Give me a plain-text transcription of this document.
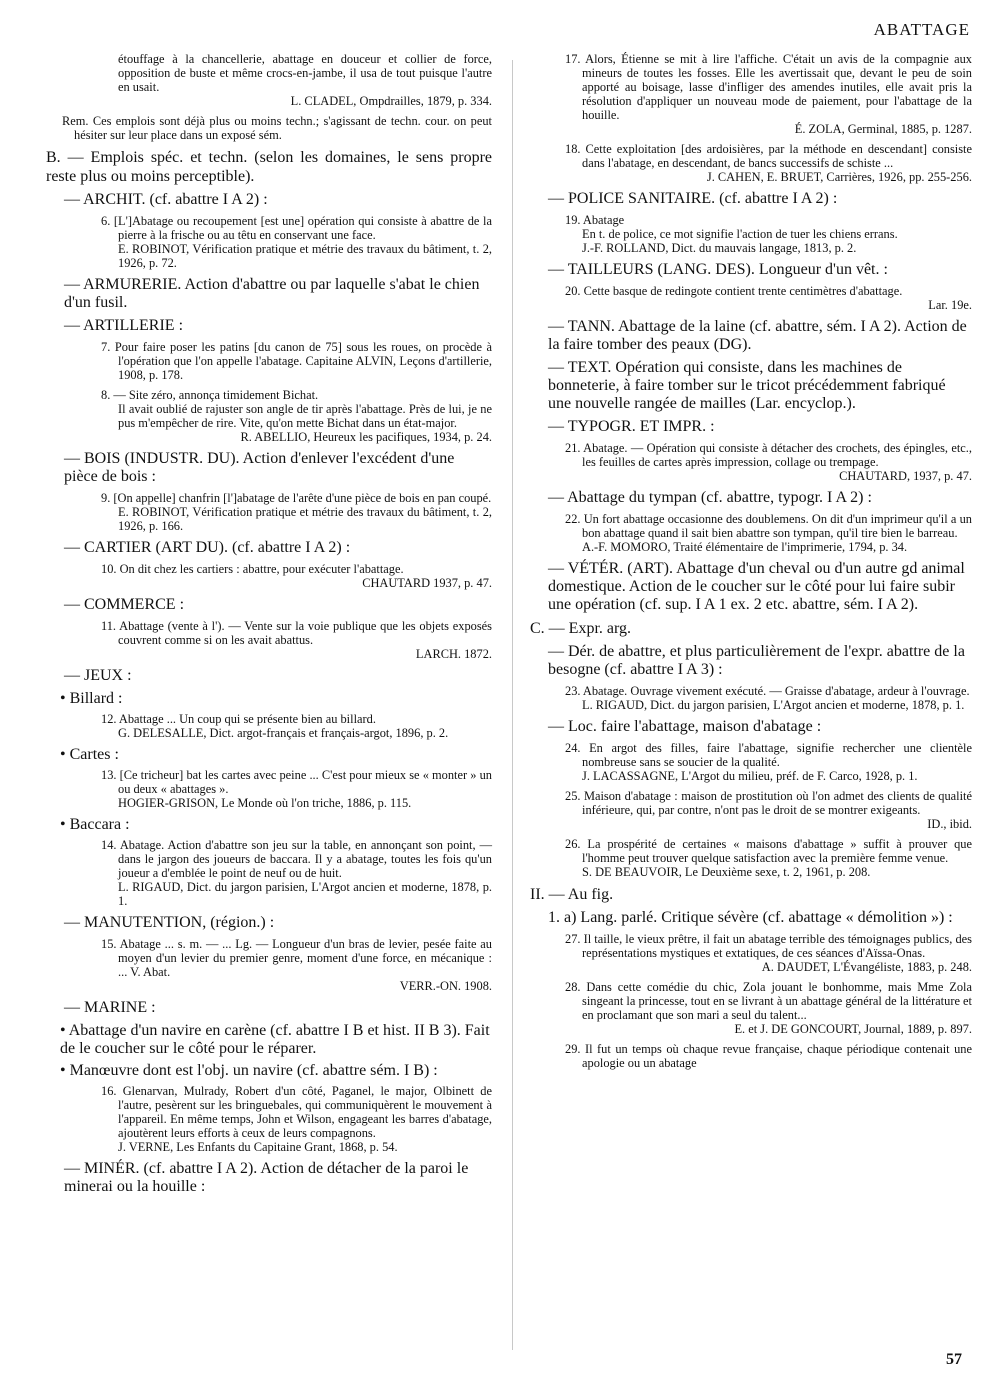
ABATTAGE

étouffage à la chancellerie, abattage en douceur et collier de force, opposition de buste et même crocs-en-jambe, il usa de tout puisque l'autre en usait.
L. CLADEL, Ompdrailles, 1879, p. 334.

Rem. Ces emplois sont déjà plus ou moins techn.; s'agissant de techn. cour. on peut hésiter sur leur place dans un exposé sém.

B. — Emplois spéc. et techn. (selon les domaines, le sens propre reste plus ou moins perceptible).

— ARCHIT. (cf. abattre I A 2) :

6. [L']Abatage ou recoupement [est une] opération qui consiste à abattre de la pierre à la frische ou au têtu en conservant une face.
E. ROBINOT, Vérification pratique et métrie des travaux du bâtiment, t. 2, 1926, p. 72.

— ARMURERIE. Action d'abattre ou par laquelle s'abat le chien d'un fusil.

— ARTILLERIE :

7. Pour faire poser les patins [du canon de 75] sous les roues, on procède à l'opération que l'on appelle l'abatage. Capitaine ALVIN, Leçons d'artillerie, 1908, p. 178.

8. — Site zéro, annonça timidement Bichat.
Il avait oublié de rajuster son angle de tir après l'abattage. Près de lui, je ne pus m'empêcher de rire. Vite, qu'on mette Bichat dans un état-major.
R. ABELLIO, Heureux les pacifiques, 1934, p. 24.

— BOIS (INDUSTR. DU). Action d'enlever l'excédent d'une pièce de bois :

9. [On appelle] chanfrin [l']abatage de l'arête d'une pièce de bois en pan coupé.
E. ROBINOT, Vérification pratique et métrie des travaux du bâtiment, t. 2, 1926, p. 166.

— CARTIER (ART DU). (cf. abattre I A 2) :

10. On dit chez les cartiers : abattre, pour exécuter l'abattage.
CHAUTARD 1937, p. 47.

— COMMERCE :

11. Abattage (vente à l'). — Vente sur la voie publique que les objets exposés couvrent comme si on les avait abattus.
LARCH. 1872.

— JEUX :

• Billard :

12. Abattage ... Un coup qui se présente bien au billard.
G. DELESALLE, Dict. argot-français et français-argot, 1896, p. 2.

• Cartes :

13. [Ce tricheur] bat les cartes avec peine ... C'est pour mieux se « monter » un ou deux « abattages ».
HOGIER-GRISON, Le Monde où l'on triche, 1886, p. 115.

• Baccara :

14. Abatage. Action d'abattre son jeu sur la table, en annonçant son point, — dans le jargon des joueurs de baccara. Il y a abatage, toutes les fois qu'un joueur a d'emblée le point de neuf ou de huit.
L. RIGAUD, Dict. du jargon parisien, L'Argot ancien et moderne, 1878, p. 1.

— MANUTENTION, (région.) :

15. Abatage ... s. m. — ... Lg. — Longueur d'un bras de levier, pesée faite au moyen d'un levier du premier genre, moment d'une force, en mécanique : ... V. Abat.
VERR.-ON. 1908.

— MARINE :

• Abattage d'un navire en carène (cf. abattre I B et hist. II B 3). Fait de le coucher sur le côté pour le réparer.

• Manœuvre dont est l'obj. un navire (cf. abattre sém. I B) :

16. Glenarvan, Mulrady, Robert d'un côté, Paganel, le major, Olbinett de l'autre, pesèrent sur les bringuebales, qui communiquèrent le mouvement à l'appareil. En même temps, John et Wilson, engageant les barres d'abatage, ajoutèrent leurs efforts à ceux de leurs compagnons.
J. VERNE, Les Enfants du Capitaine Grant, 1868, p. 54.

— MINÉR. (cf. abattre I A 2). Action de détacher de la paroi le minerai ou la houille :

17. Alors, Étienne se mit à lire l'affiche. C'était un avis de la compagnie aux mineurs de toutes les fosses. Elle les avertissait que, devant le peu de soin apporté au boisage, lasse d'infliger des amendes inutiles, elle avait pris la résolution d'appliquer un nouveau mode de paiement, pour l'abattage de la houille.
É. ZOLA, Germinal, 1885, p. 1287.

18. Cette exploitation [des ardoisières, par la méthode en descendant] consiste dans l'abatage, en descendant, de bancs successifs de schiste ...
J. CAHEN, E. BRUET, Carrières, 1926, pp. 255-256.

— POLICE SANITAIRE. (cf. abattre I A 2) :

19. Abatage
En t. de police, ce mot signifie l'action de tuer les chiens errans.
J.-F. ROLLAND, Dict. du mauvais langage, 1813, p. 2.

— TAILLEURS (LANG. DES). Longueur d'un vêt. :

20. Cette basque de redingote contient trente centimètres d'abattage.
Lar. 19e.

— TANN. Abattage de la laine (cf. abattre, sém. I A 2). Action de la faire tomber des peaux (DG).

— TEXT. Opération qui consiste, dans les machines de bonneterie, à faire tomber sur le tricot précédemment fabriqué une nouvelle rangée de mailles (Lar. encyclop.).

— TYPOGR. ET IMPR. :

21. Abatage. — Opération qui consiste à détacher des crochets, des épingles, etc., les feuilles de cartes après impression, collage ou trempage.
CHAUTARD, 1937, p. 47.

— Abattage du tympan (cf. abattre, typogr. I A 2) :

22. Un fort abattage occasionne des doublemens. On dit d'un imprimeur qu'il a un bon abattage quand il sait bien abattre son tympan, qu'il tire bien le barreau.
A.-F. MOMORO, Traité élémentaire de l'imprimerie, 1794, p. 34.

— VÉTÉR. (ART). Abattage d'un cheval ou d'un autre gd animal domestique. Action de le coucher sur le côté pour lui faire subir une opération (cf. sup. I A 1 ex. 2 etc. abattre, sém. I A 2).

C. — Expr. arg.

— Dér. de abattre, et plus particulièrement de l'expr. abattre de la besogne (cf. abattre I A 3) :

23. Abatage. Ouvrage vivement exécuté. — Graisse d'abatage, ardeur à l'ouvrage.
L. RIGAUD, Dict. du jargon parisien, L'Argot ancien et moderne, 1878, p. 1.

— Loc. faire l'abattage, maison d'abatage :

24. En argot des filles, faire l'abattage, signifie rechercher une clientèle nombreuse sans se soucier de la qualité.
J. LACASSAGNE, L'Argot du milieu, préf. de F. Carco, 1928, p. 1.

25. Maison d'abatage : maison de prostitution où l'on admet des clients de qualité inférieure, qui, par contre, n'ont pas le droit de se montrer exigeants.
ID., ibid.

26. La prospérité de certaines « maisons d'abattage » suffit à prouver que l'homme peut trouver quelque satisfaction avec la première femme venue.
S. DE BEAUVOIR, Le Deuxième sexe, t. 2, 1961, p. 208.

II. — Au fig.

1. a) Lang. parlé. Critique sévère (cf. abattage « démolition ») :

27. Il taille, le vieux prêtre, il fait un abatage terrible des témoignages publics, des représentations mystiques et extatiques, de ces séances d'Aïssa-Onas.
A. DAUDET, L'Évangéliste, 1883, p. 248.

28. Dans cette comédie du chic, Zola jouant le bonhomme, mais Mme Zola singeant la princesse, tout en se livrant à un abattage général de la littérature et en proclamant que son mari a seul du talent...
E. et J. DE GONCOURT, Journal, 1889, p. 897.

29. Il fut un temps où chaque revue française, chaque périodique contenait une apologie ou un abatage

57
